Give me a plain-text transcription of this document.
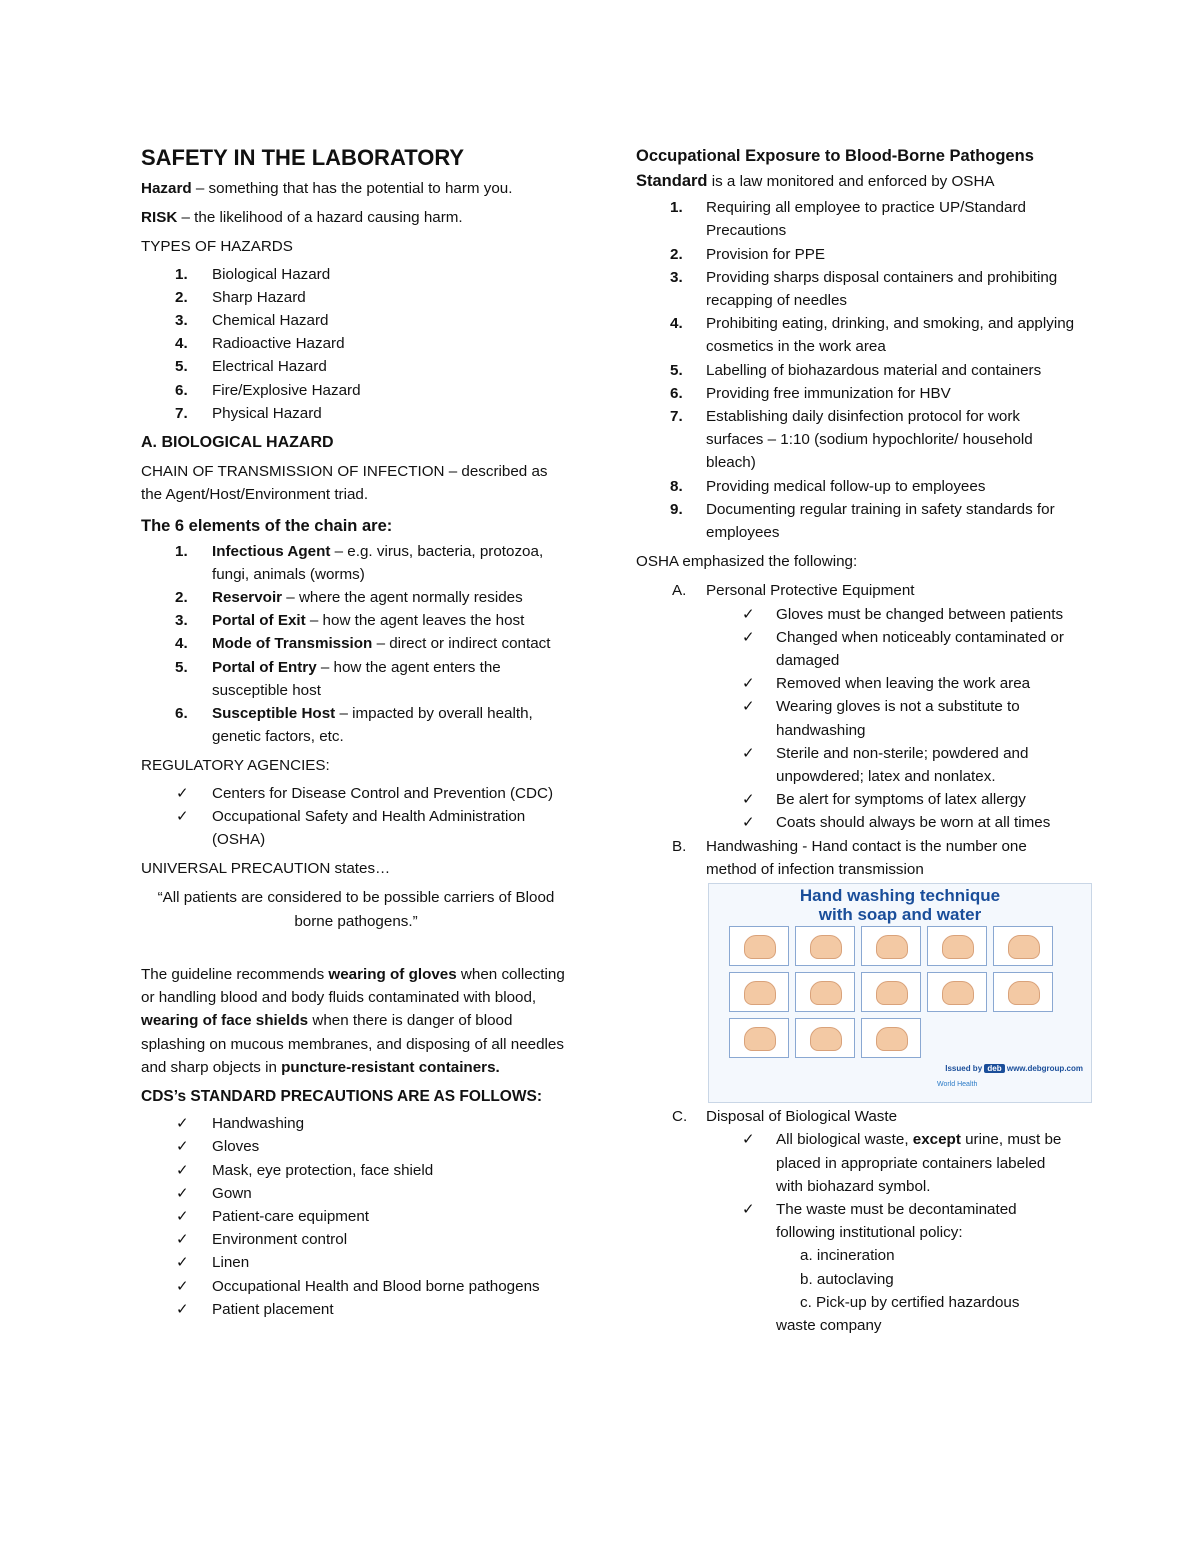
SAFETY IN THE LABORATORY

Hazard – something that has the potential to harm you.

RISK – the likelihood of a hazard causing harm.

TYPES OF HAZARDS

1. Biological Hazard
2. Sharp Hazard
3. Chemical Hazard
4. Radioactive Hazard
5. Electrical Hazard
6. Fire/Explosive Hazard
7. Physical Hazard

A. BIOLOGICAL HAZARD

CHAIN OF TRANSMISSION OF INFECTION – described as the Agent/Host/Environment triad.

The 6 elements of the chain are:

1. Infectious Agent – e.g. virus, bacteria, protozoa, fungi, animals (worms)
2. Reservoir – where the agent normally resides
3. Portal of Exit – how the agent leaves the host
4. Mode of Transmission – direct or indirect contact
5. Portal of Entry – how the agent enters the susceptible host
6. Susceptible Host – impacted by overall health, genetic factors, etc.

REGULATORY AGENCIES:

✓ Centers for Disease Control and Prevention (CDC)
✓ Occupational Safety and Health Administration (OSHA)

UNIVERSAL PRECAUTION states…

“All patients are considered to be possible carriers of Blood borne pathogens.”

The guideline recommends wearing of gloves when collecting or handling blood and body fluids contaminated with blood, wearing of face shields when there is danger of blood splashing on mucous membranes, and disposing of all needles and sharp objects in puncture-resistant containers.

CDS’s STANDARD PRECAUTIONS ARE AS FOLLOWS:

✓ Handwashing
✓ Gloves
✓ Mask, eye protection, face shield
✓ Gown
✓ Patient-care equipment
✓ Environment control
✓ Linen
✓ Occupational Health and Blood borne pathogens
✓ Patient placement

Occupational Exposure to Blood-Borne Pathogens

Standard is a law monitored and enforced by OSHA

1. Requiring all employee to practice UP/Standard Precautions
2. Provision for PPE
3. Providing sharps disposal containers and prohibiting recapping of needles
4. Prohibiting eating, drinking, and smoking, and applying cosmetics in the work area
5. Labelling of biohazardous material and containers
6. Providing free immunization for HBV
7. Establishing daily disinfection protocol for work surfaces – 1:10 (sodium hypochlorite/ household bleach)
8. Providing medical follow-up to employees
9. Documenting regular training in safety standards for employees

OSHA emphasized the following:

A. Personal Protective Equipment
✓ Gloves must be changed between patients
✓ Changed when noticeably contaminated or damaged
✓ Removed when leaving the work area
✓ Wearing gloves is not a substitute to handwashing
✓ Sterile and non-sterile; powdered and unpowdered; latex and nonlatex.
✓ Be alert for symptoms of latex allergy
✓ Coats should always be worn at all times
B. Handwashing - Hand contact is the number one method of infection transmission
Hand washing technique
with soap and water
Issued by deb www.debgroup.com
World Health
C. Disposal of Biological Waste
✓ All biological waste, except urine, must be placed in appropriate containers labeled with biohazard symbol.
✓ The waste must be decontaminated following institutional policy:

a. incineration

b. autoclaving

c. Pick-up by certified hazardous

waste company
